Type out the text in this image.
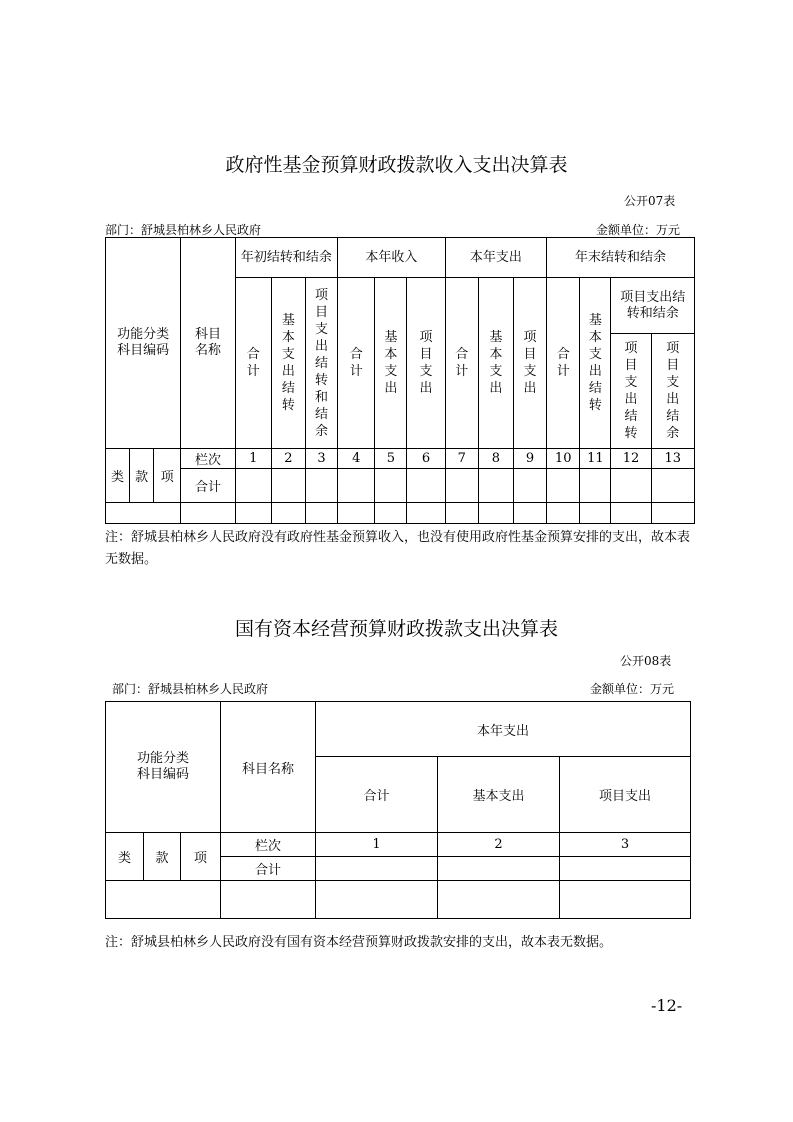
政府性基金预算财政拨款收入支出决算表
公开07表
部门：舒城县柏林乡人民政府	金额单位：万元
功能分类科目编码			科目名称	年初结转和结余			本年收入			本年支出			年末结转和结余			
				合计	基本支出结转	项目支出结转和结余	合计	基本支出	项目支出	合计	基本支出	项目支出	合计	基本支出结转	项目支出结转和结余	
															项目支出结转	项目支出结余

类	款	项	栏次	1	2	3	4	5	6	7	8	9	10	11	12	13
			合计													

注：舒城县柏林乡人民政府没有政府性基金预算收入，也没有使用政府性基金预算安排的支出，故本表无数据。
国有资本经营预算财政拨款支出决算表
公开08表
部门：舒城县柏林乡人民政府	金额单位：万元
功能分类
科目编码			科目名称	本年支出		
				合计	基本支出	项目支出
类	款	项	栏次	1	2	3
			合计			

注：舒城县柏林乡人民政府没有国有资本经营预算财政拨款安排的支出，故本表无数据。
-12-
